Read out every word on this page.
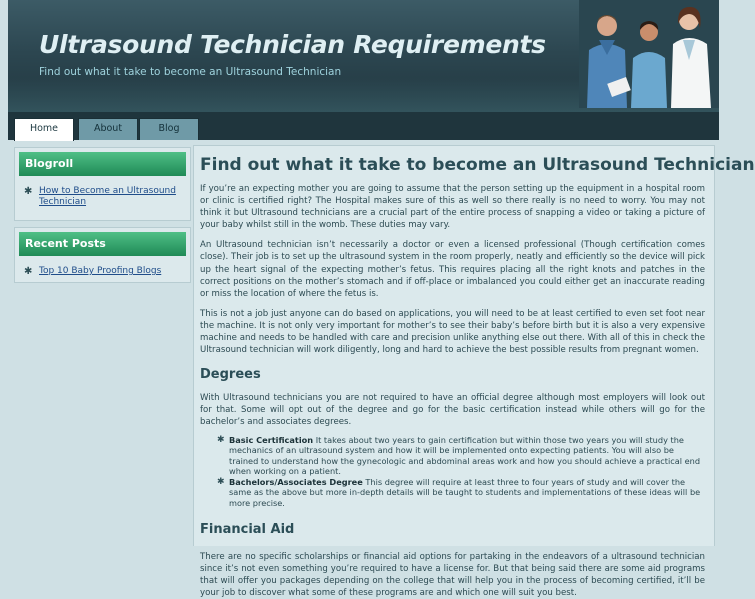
Ultrasound Technician Requirements
Find out what it take to become an Ultrasound Technician
Home	About	Blog
Blogroll
✱ How to Become an Ultrasound Technician
Recent Posts
✱ Top 10 Baby Proofing Blogs
Find out what it take to become an Ultrasound Technician

If you’re an expecting mother you are going to assume that the person setting up the equipment in a hospital room or clinic is certified right? The Hospital makes sure of this as well so there really is no need to worry. You may not think it but Ultrasound technicians are a crucial part of the entire process of snapping a video or taking a picture of your baby whilst still in the womb. These duties may vary.

An Ultrasound technician isn’t necessarily a doctor or even a licensed professional (Though certification comes close). Their job is to set up the ultrasound system in the room properly, neatly and efficiently so the device will pick up the heart signal of the expecting mother’s fetus. This requires placing all the right knots and patches in the correct positions on the mother’s stomach and if off-place or imbalanced you could either get an inaccurate reading or miss the location of where the fetus is.

This is not a job just anyone can do based on applications, you will need to be at least certified to even set foot near the machine. It is not only very important for mother’s to see their baby’s before birth but it is also a very expensive machine and needs to be handled with care and precision unlike anything else out there. With all of this in check the Ultrasound technician will work diligently, long and hard to achieve the best possible results from pregnant women.

Degrees

With Ultrasound technicians you are not required to have an official degree although most employers will look out for that. Some will opt out of the degree and go for the basic certification instead while others will go for the bachelor’s and associates degrees.

✱ Basic Certification It takes about two years to gain certification but within those two years you will study the mechanics of an ultrasound system and how it will be implemented onto expecting patients. You will also be trained to understand how the gynecologic and abdominal areas work and how you should achieve a practical end when working on a patient.
✱ Bachelors/Associates Degree This degree will require at least three to four years of study and will cover the same as the above but more in-depth details will be taught to students and implementations of these ideas will be more precise.
Financial Aid

There are no specific scholarships or financial aid options for partaking in the endeavors of a ultrasound technician since it’s not even something you’re required to have a license for. But that being said there are some aid programs that will offer you packages depending on the college that will help you in the process of becoming certified, it’ll be your job to discover what some of these programs are and which one will suit you best.
